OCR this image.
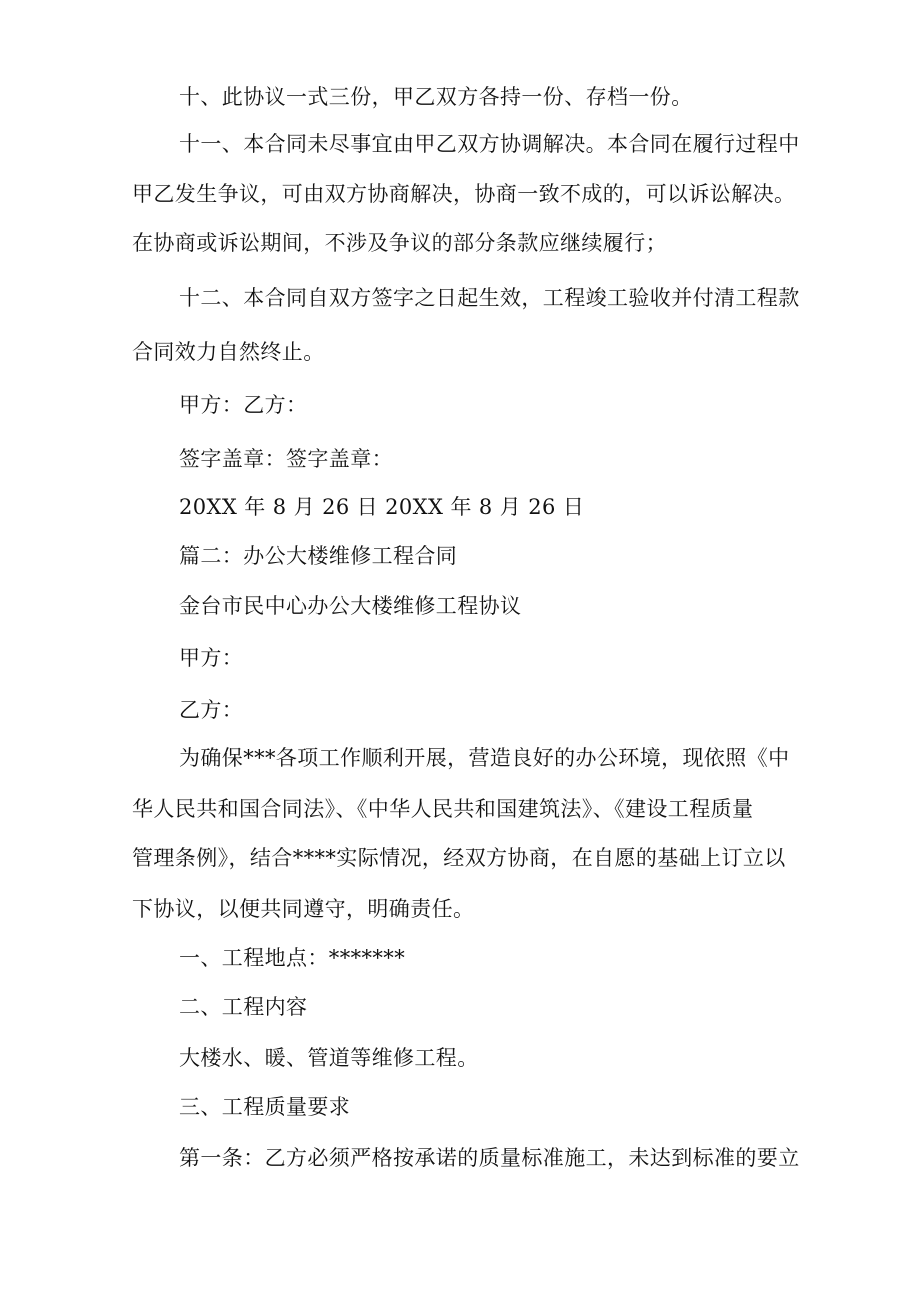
十、此协议一式三份，甲乙双方各持一份、存档一份。
十一、本合同未尽事宜由甲乙双方协调解决。本合同在履行过程中
甲乙发生争议，可由双方协商解决，协商一致不成的，可以诉讼解决。
在协商或诉讼期间，不涉及争议的部分条款应继续履行；
十二、本合同自双方签字之日起生效，工程竣工验收并付清工程款
合同效力自然终止。
甲方：乙方：
签字盖章：签字盖章：
20XX 年 8 月 26 日 20XX 年 8 月 26 日
篇二：办公大楼维修工程合同
金台市民中心办公大楼维修工程协议
甲方：
乙方：
为确保***各项工作顺利开展，营造良好的办公环境，现依照《中
华人民共和国合同法》、《中华人民共和国建筑法》、《建设工程质量
管理条例》，结合****实际情况，经双方协商，在自愿的基础上订立以
下协议，以便共同遵守，明确责任。
一、工程地点：*******
二、工程内容
大楼水、暖、管道等维修工程。
三、工程质量要求
第一条：乙方必须严格按承诺的质量标准施工，未达到标准的要立
